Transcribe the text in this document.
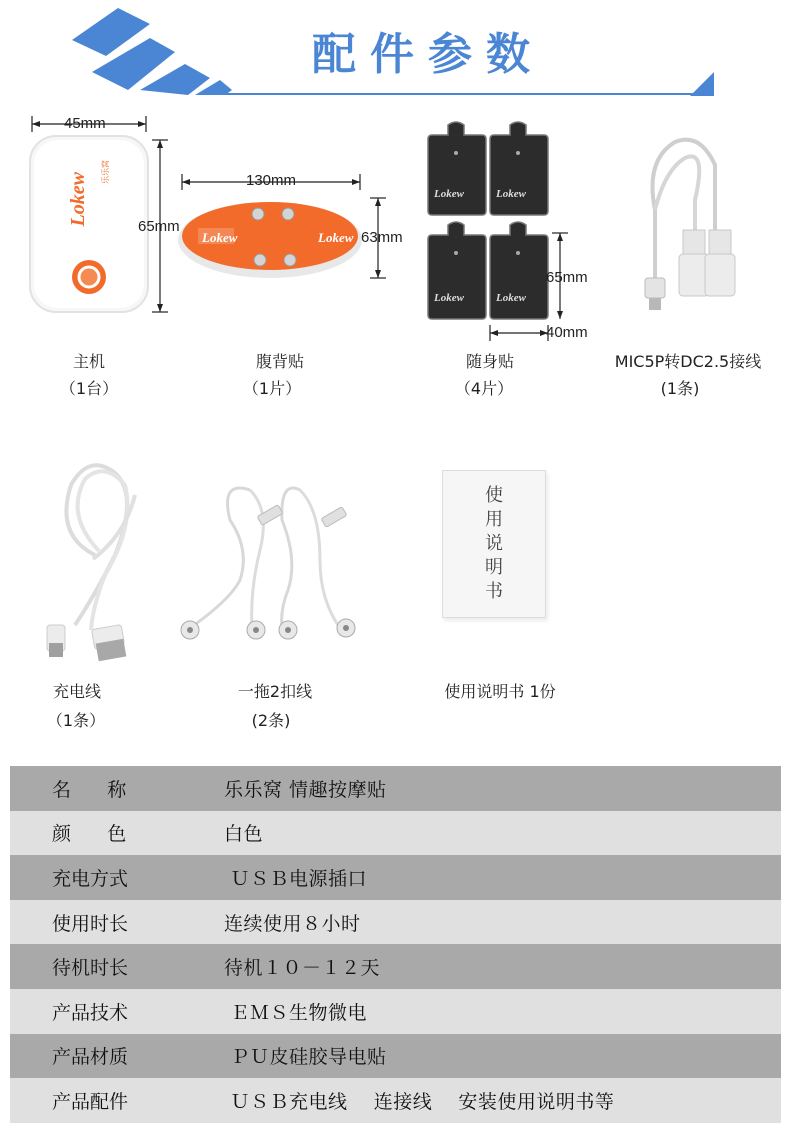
配件参数
Lokew 乐乐窝
45mm
65mm
主机
（1台）
Lokew	Lokew
130mm
63mm
腹背贴
（1片）
Lokew	Lokew
Lokew	Lokew
65mm
40mm
随身贴
（4片）
MIC5P转DC2.5接线
(1条)
充电线
（1条）
一拖2扣线
(2条)
使用说明书
使用说明书 1份
名      称	乐乐窝 情趣按摩贴
颜      色	白色
充电方式	ＵＳＢ电源插口
使用时长	连续使用８小时
待机时长	待机１０－１２天
产品技术	ＥＭＳ生物微电
产品材质	ＰＵ皮硅胶导电贴
产品配件	ＵＳＢ充电线    连接线    安装使用说明书等
